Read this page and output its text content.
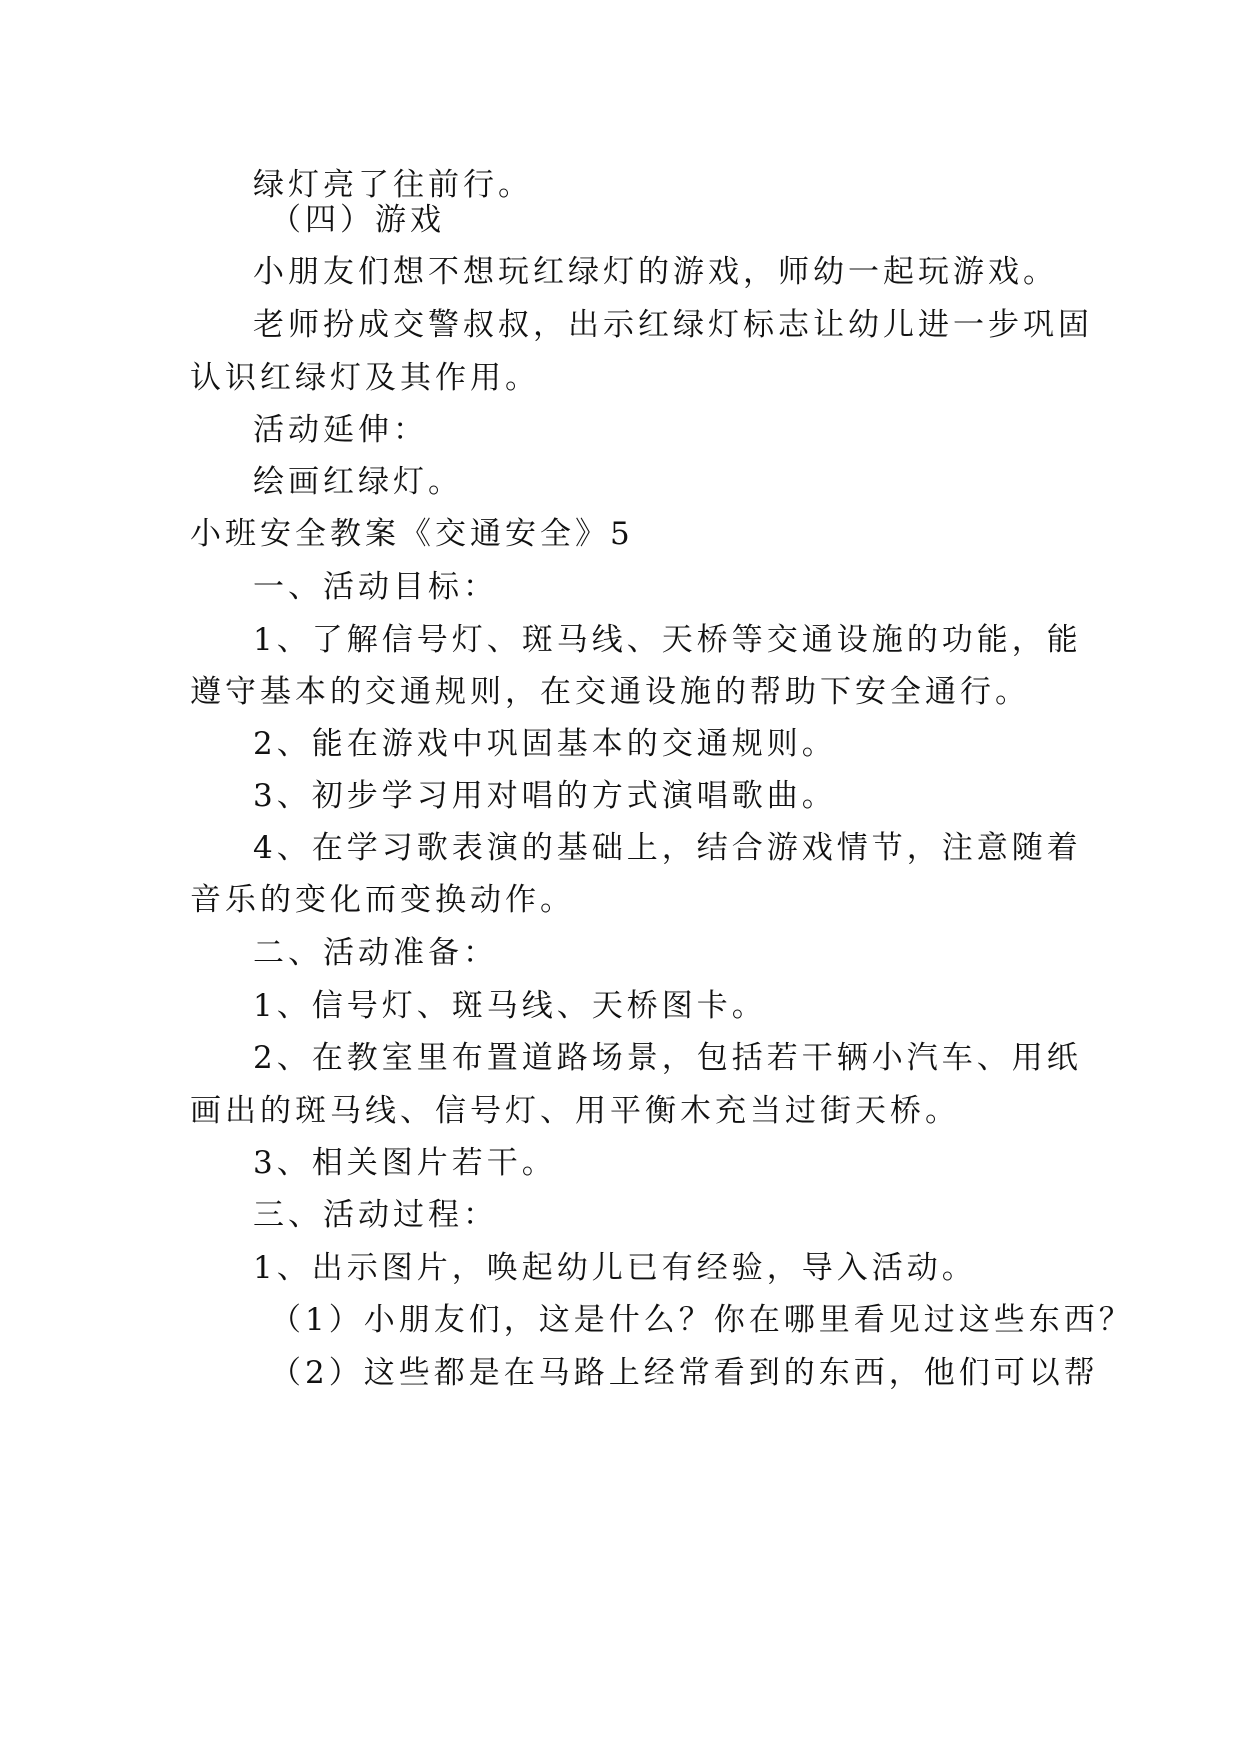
绿灯亮了往前行。
（四）游戏
小朋友们想不想玩红绿灯的游戏，师幼一起玩游戏。
老师扮成交警叔叔，出示红绿灯标志让幼儿进一步巩固
认识红绿灯及其作用。
活动延伸：
绘画红绿灯。
小班安全教案《交通安全》5
一、活动目标：
1、了解信号灯、斑马线、天桥等交通设施的功能，能
遵守基本的交通规则，在交通设施的帮助下安全通行。
2、能在游戏中巩固基本的交通规则。
3、初步学习用对唱的方式演唱歌曲。
4、在学习歌表演的基础上，结合游戏情节，注意随着
音乐的变化而变换动作。
二、活动准备：
1、信号灯、斑马线、天桥图卡。
2、在教室里布置道路场景，包括若干辆小汽车、用纸
画出的斑马线、信号灯、用平衡木充当过街天桥。
3、相关图片若干。
三、活动过程：
1、出示图片，唤起幼儿已有经验，导入活动。
（1）小朋友们，这是什么？你在哪里看见过这些东西？
（2）这些都是在马路上经常看到的东西，他们可以帮
